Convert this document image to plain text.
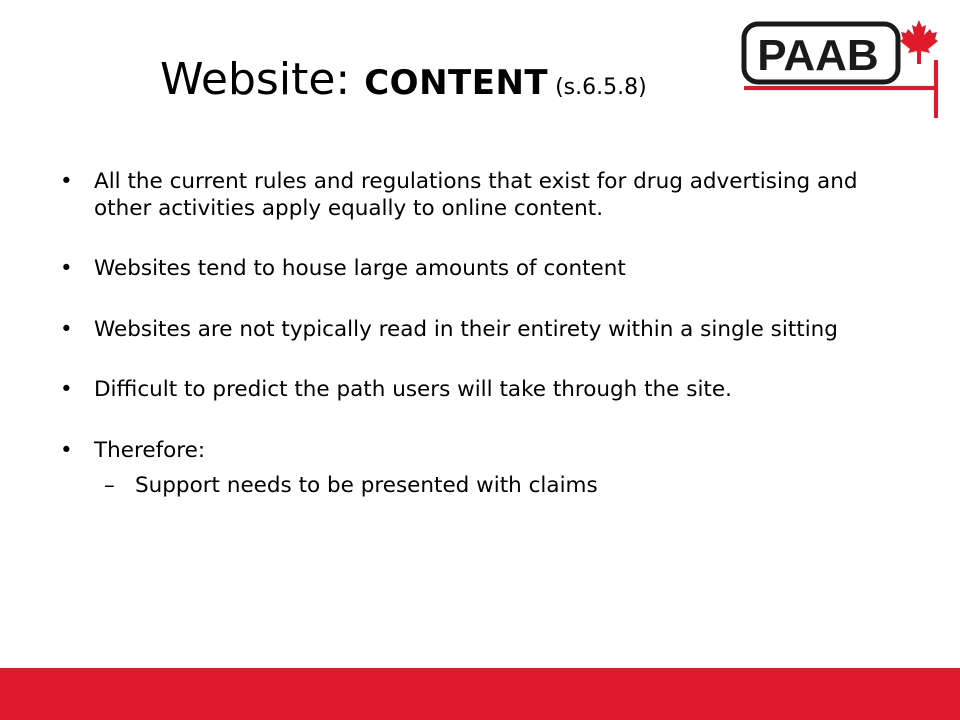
Website: CONTENT (s.6.5.8)
PAAB
• All the current rules and regulations that exist for drug advertising and other activities apply equally to online content.
• Websites tend to house large amounts of content
• Websites are not typically read in their entirety within a single sitting
• Difficult to predict the path users will take through the site.
• Therefore:
– Support needs to be presented with claims
